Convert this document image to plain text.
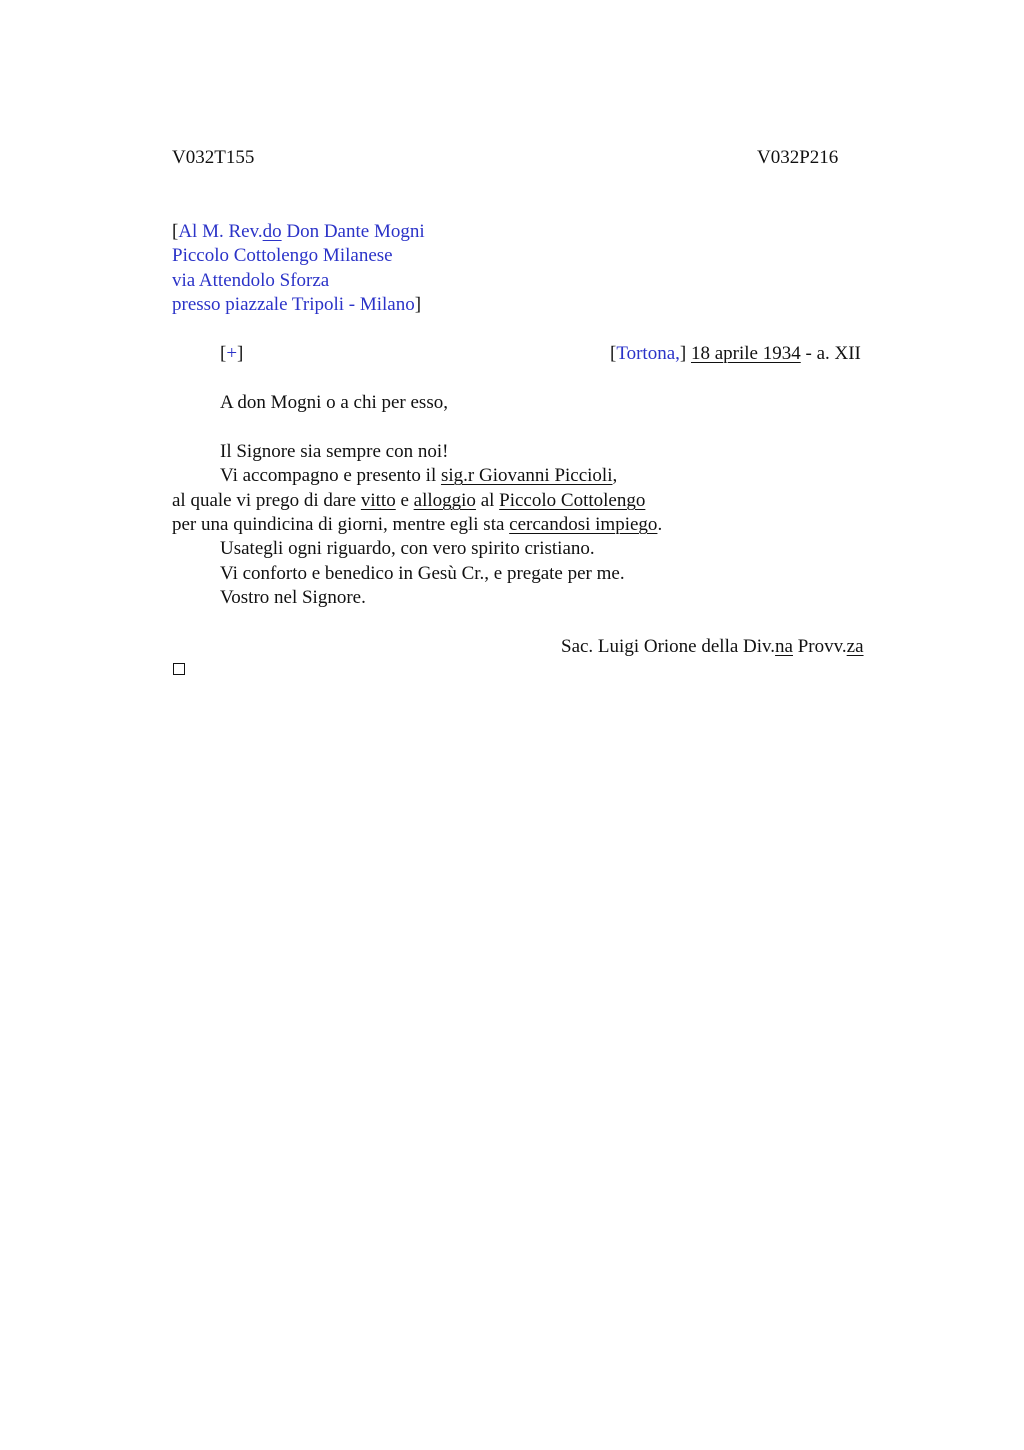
V032T155	V032P216
[Al M. Rev.do Don Dante Mogni
Piccolo Cottolengo Milanese
via Attendolo Sforza
presso piazzale Tripoli - Milano]
[+]	[Tortona,] 18 aprile 1934 - a. XII
A don Mogni o a chi per esso,
Il Signore sia sempre con noi!
Vi accompagno e presento il sig.r Giovanni Piccioli,
al quale vi prego di dare vitto e alloggio al Piccolo Cottolengo
per una quindicina di giorni, mentre egli sta cercandosi impiego.
Usategli ogni riguardo, con vero spirito cristiano.
Vi conforto e benedico in Gesù Cr., e pregate per me.
Vostro nel Signore.
Sac. Luigi Orione della Div.na Provv.za
